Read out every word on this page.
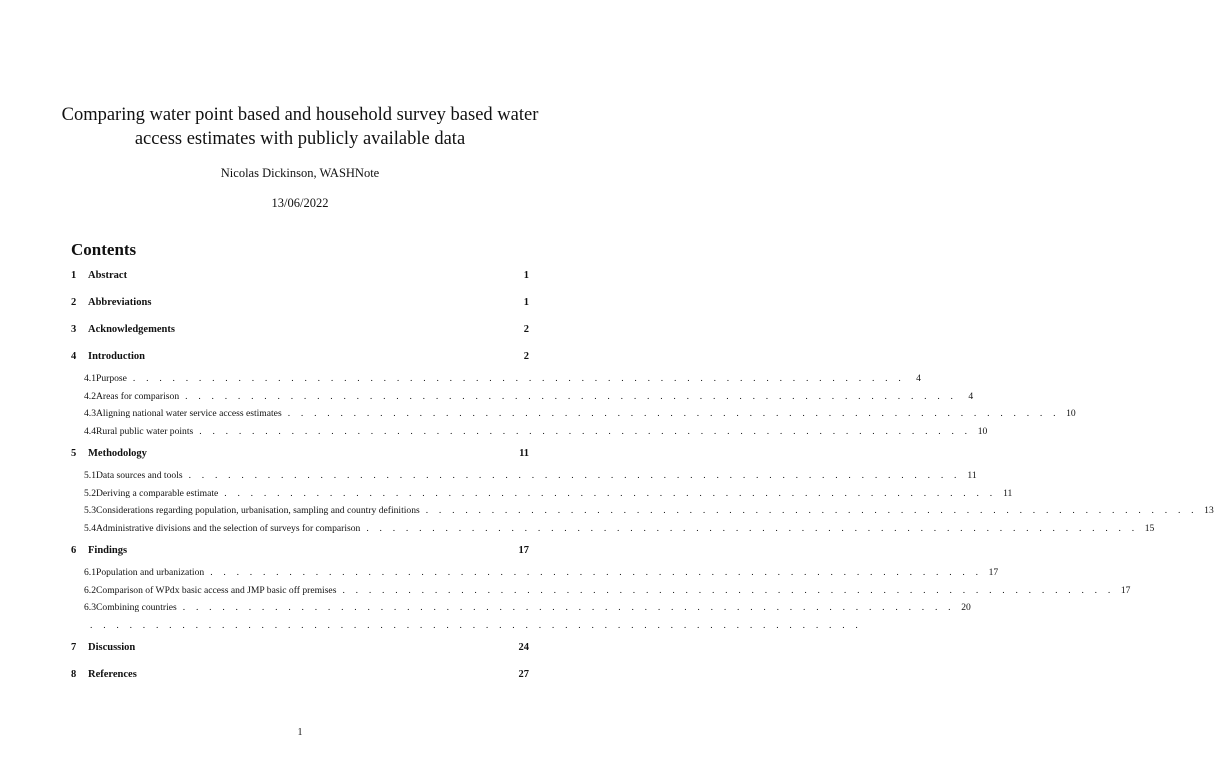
Comparing water point based and household survey based water access estimates with publicly available data
Nicolas Dickinson, WASHNote
13/06/2022
Contents
1	Abstract	1
2	Abbreviations	1
3	Acknowledgements	2
4	Introduction	2
4.1 Purpose . . . . . . . . . . . . . . . . . . . . . . . . . . . . . . . . . . . . . . . . . . . . . . . . . . . . . . . . . . .	4
4.2 Areas for comparison . . . . . . . . . . . . . . . . . . . . . . . . . . . . . . . . . . . . . . . . . . . . . . . . . . . . . . . . . . .	4
4.3 Aligning national water service access estimates . . . . . . . . . . . . . . . . . . . . . . . . . . . . . . . . . . . . . . . . . . . . . . . . . . . . . . . . . . . 10
4.4 Rural public water points . . . . . . . . . . . . . . . . . . . . . . . . . . . . . . . . . . . . . . . . . . . . . . . . . . . . . . . . . . . 10
5	Methodology	11
5.1 Data sources and tools . . . . . . . . . . . . . . . . . . . . . . . . . . . . . . . . . . . . . . . . . . . . . . . . . . . . . . . . . . . 11
5.2 Deriving a comparable estimate . . . . . . . . . . . . . . . . . . . . . . . . . . . . . . . . . . . . . . . . . . . . . . . . . . . . . . . . . . . 11
5.3 Considerations regarding population, urbanisation, sampling and country definitions . . . . . . . . . . . . . . . . . . . . . . . . . . . . . . . . . . . . . . . . . . . . . . . . . . . . . . . . . . . 13
5.4 Administrative divisions and the selection of surveys for comparison . . . . . . . . . . . . . . . . . . . . . . . . . . . . . . . . . . . . . . . . . . . . . . . . . . . . . . . . . . . 15
6	Findings	17
6.1 Population and urbanization . . . . . . . . . . . . . . . . . . . . . . . . . . . . . . . . . . . . . . . . . . . . . . . . . . . . . . . . . . . 17
6.2 Comparison of WPdx basic access and JMP basic off premises . . . . . . . . . . . . . . . . . . . . . . . . . . . . . . . . . . . . . . . . . . . . . . . . . . . . . . . . . . . 17
6.3 Combining countries . . . . . . . . . . . . . . . . . . . . . . . . . . . . . . . . . . . . . . . . . . . . . . . . . . . . . . . . . . . 20
. . . . . . . . . . . . . . . . . . . . . . . . . . . . . . . . . . . . . . . . . . . . . . . . . . . . . . . . . . .
7	Discussion	24
8	References	27
1
